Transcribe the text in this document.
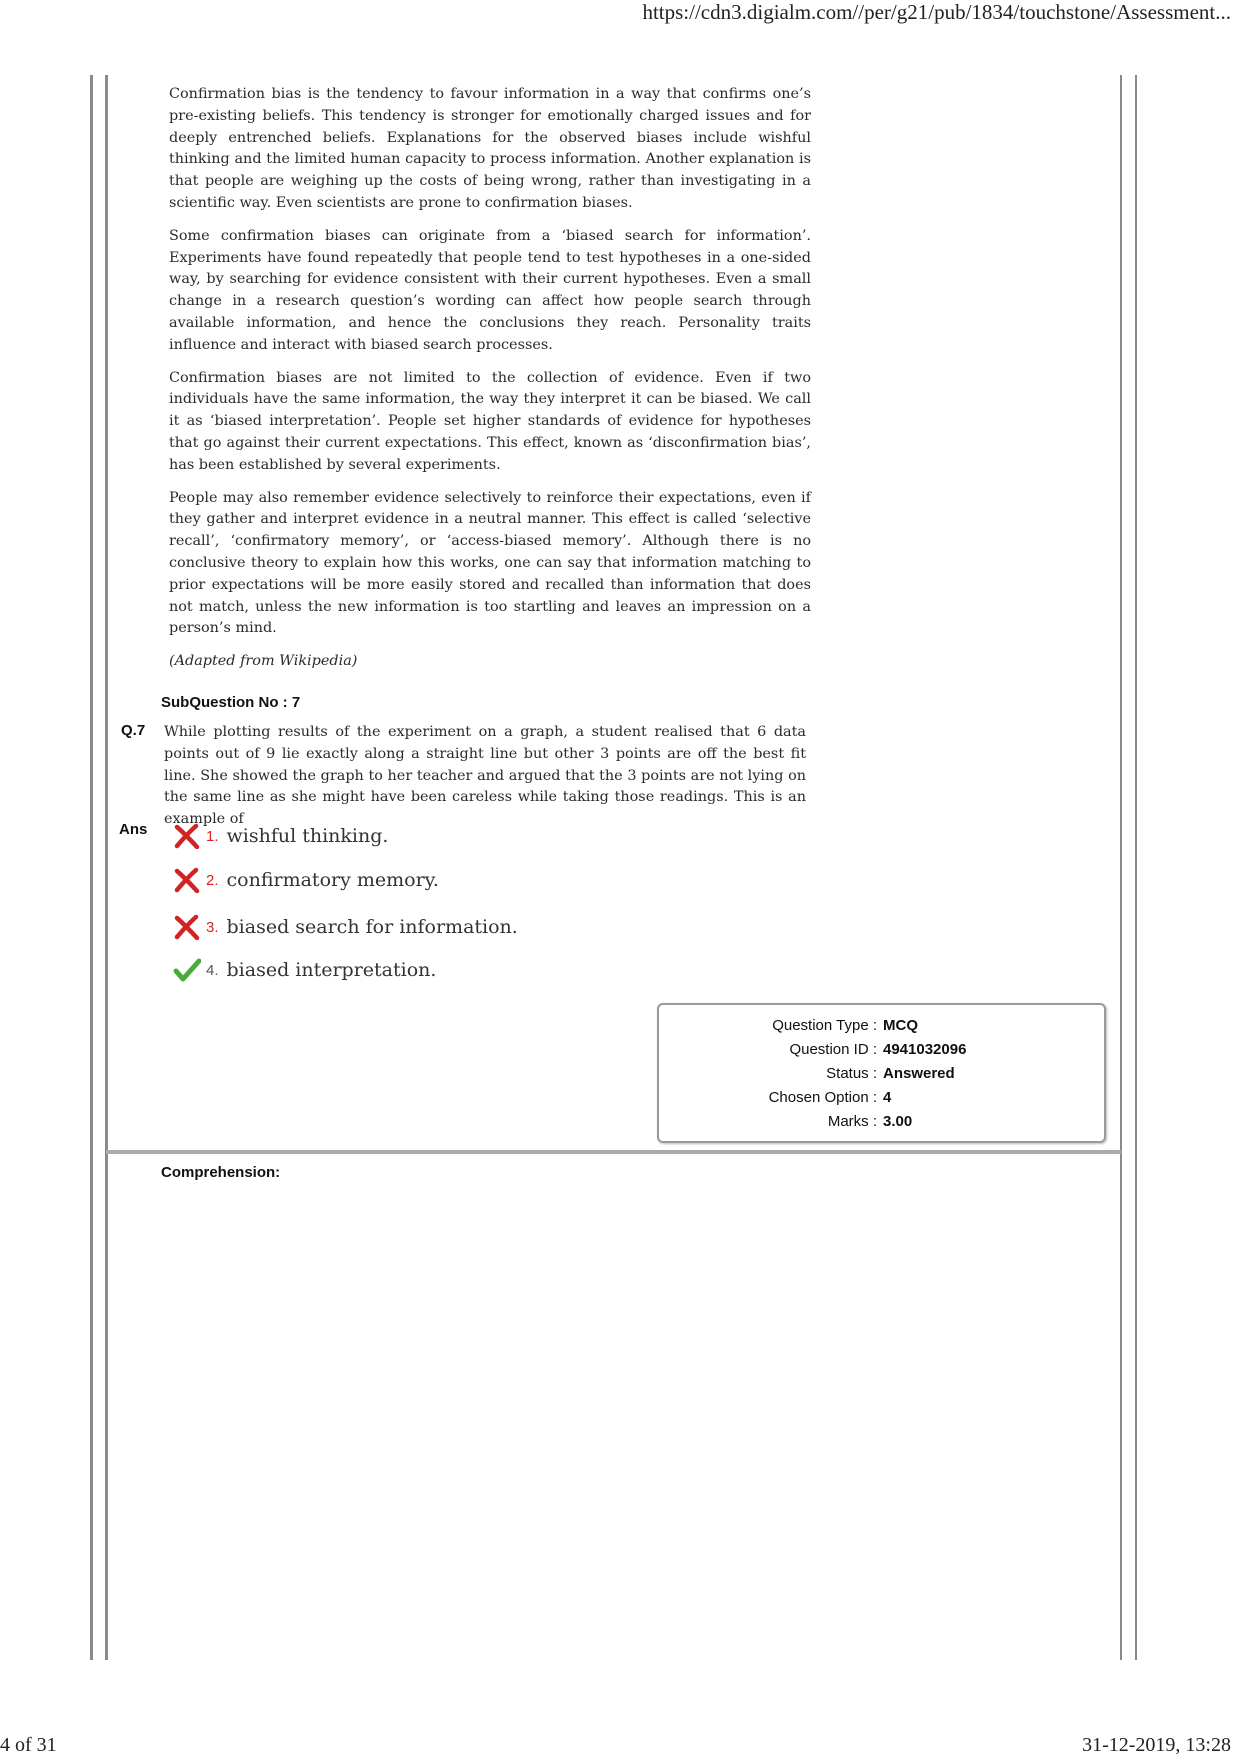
https://cdn3.digialm.com//per/g21/pub/1834/touchstone/Assessment...

Confirmation bias is the tendency to favour information in a way that confirms one’s pre-existing beliefs. This tendency is stronger for emotionally charged issues and for deeply entrenched beliefs. Explanations for the observed biases include wishful thinking and the limited human capacity to process information. Another explanation is that people are weighing up the costs of being wrong, rather than investigating in a scientific way. Even scientists are prone to confirmation biases.

Some confirmation biases can originate from a ‘biased search for information’. Experiments have found repeatedly that people tend to test hypotheses in a one-sided way, by searching for evidence consistent with their current hypotheses. Even a small change in a research question’s wording can affect how people search through available information, and hence the conclusions they reach. Personality traits influence and interact with biased search processes.

Confirmation biases are not limited to the collection of evidence. Even if two individuals have the same information, the way they interpret it can be biased. We call it as ‘biased interpretation’. People set higher standards of evidence for hypotheses that go against their current expectations. This effect, known as ‘disconfirmation bias’, has been established by several experiments.

People may also remember evidence selectively to reinforce their expectations, even if they gather and interpret evidence in a neutral manner. This effect is called ‘selective recall’, ‘confirmatory memory’, or ‘access-biased memory’. Although there is no conclusive theory to explain how this works, one can say that information matching to prior expectations will be more easily stored and recalled than information that does not match, unless the new information is too startling and leaves an impression on a person’s mind.

(Adapted from Wikipedia)

SubQuestion No : 7
Q.7 While plotting results of the experiment on a graph, a student realised that 6 data points out of 9 lie exactly along a straight line but other 3 points are off the best fit line. She showed the graph to her teacher and argued that the 3 points are not lying on the same line as she might have been careless while taking those readings. This is an example of
Ans	1. wishful thinking.
2. confirmatory memory.
3. biased search for information.
4. biased interpretation.
Question Type : MCQ
Question ID : 4941032096
Status : Answered
Chosen Option : 4
Marks : 3.00
Comprehension:
4 of 31	31-12-2019, 13:28
